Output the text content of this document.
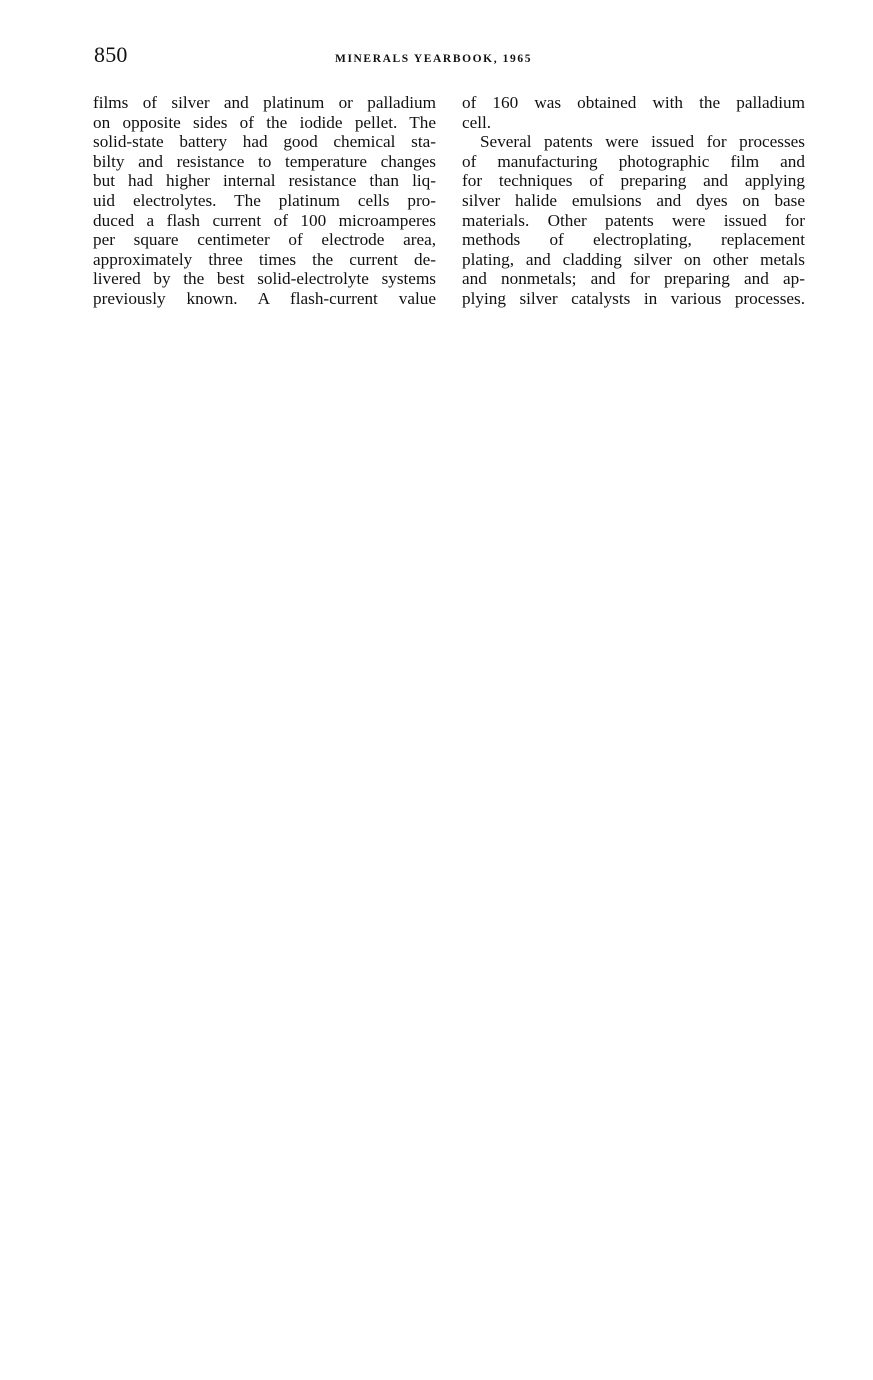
850	MINERALS YEARBOOK, 1965

films of silver and platinum or palladium
on opposite sides of the iodide pellet. The
solid-state battery had good chemical sta-
bilty and resistance to temperature changes
but had higher internal resistance than liq-
uid electrolytes. The platinum cells pro-
duced a flash current of 100 microamperes
per square centimeter of electrode area,
approximately three times the current de-
livered by the best solid-electrolyte systems
previously known. A flash-current value

of 160 was obtained with the palladium
cell.

Several patents were issued for processes
of manufacturing photographic film and
for techniques of preparing and applying
silver halide emulsions and dyes on base
materials. Other patents were issued for
methods of electroplating, replacement
plating, and cladding silver on other metals
and nonmetals; and for preparing and ap-
plying silver catalysts in various processes.
